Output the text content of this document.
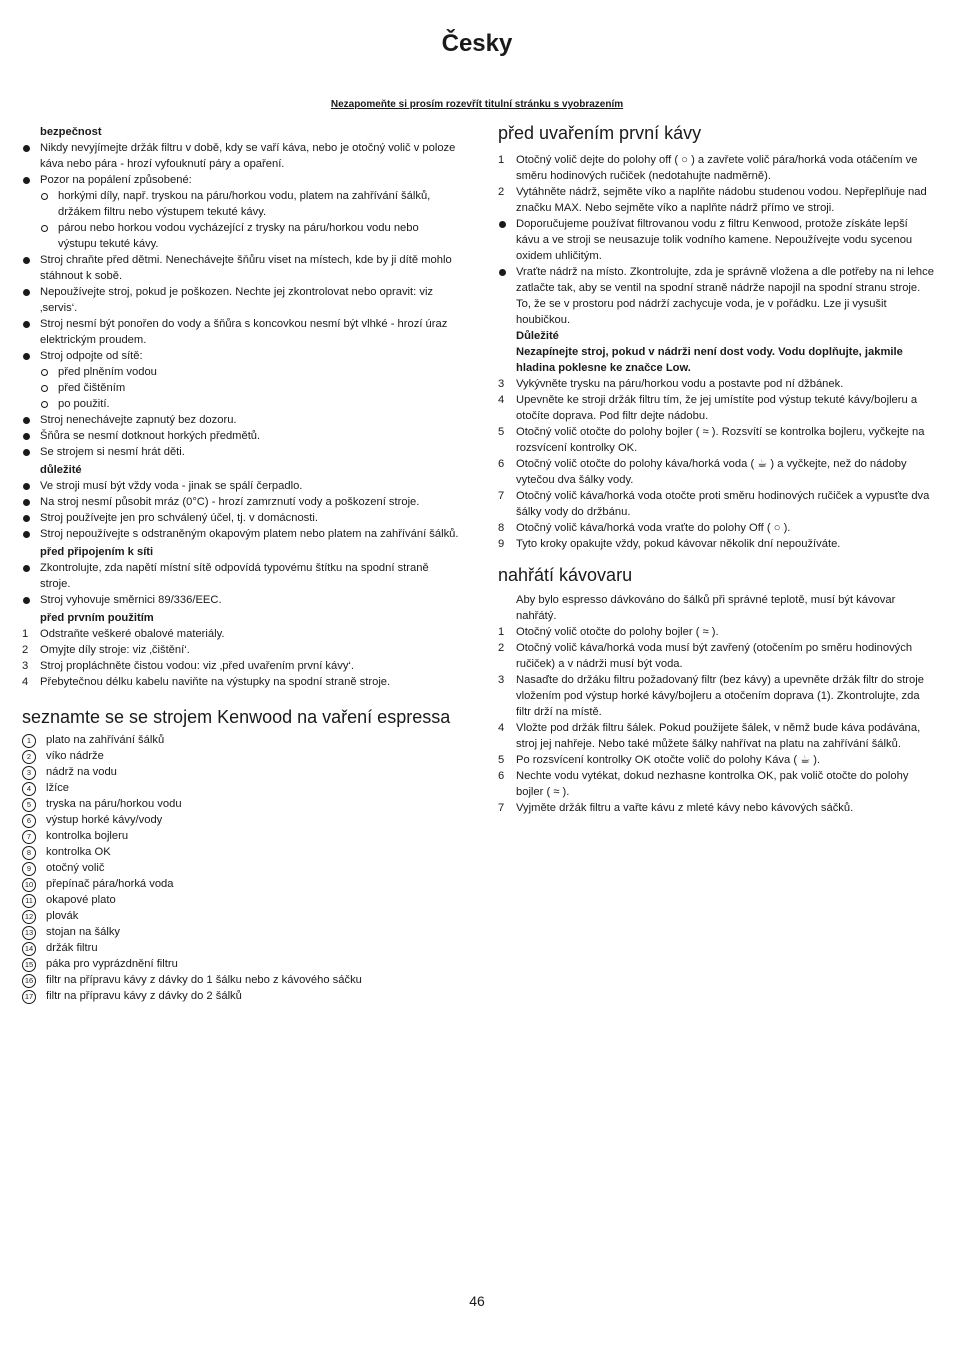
Česky

Nezapomeňte si prosím rozevřít titulní stránku s vyobrazením

bezpečnost

Nikdy nevyjímejte držák filtru v době, kdy se vaří káva, nebo je otočný volič v poloze káva nebo pára - hrozí vyfouknutí páry a opaření.
Pozor na popálení způsobené:
horkými díly, např. tryskou na páru/horkou vodu, platem na zahřívání šálků, držákem filtru nebo výstupem tekuté kávy.
párou nebo horkou vodou vycházející z trysky na páru/horkou vodu nebo výstupu tekuté kávy.
Stroj chraňte před dětmi. Nenechávejte šňůru viset na místech, kde by ji dítě mohlo stáhnout k sobě.
Nepoužívejte stroj, pokud je poškozen. Nechte jej zkontrolovat nebo opravit: viz ‚servis‘.
Stroj nesmí být ponořen do vody a šňůra s koncovkou nesmí být vlhké - hrozí úraz elektrickým proudem.
Stroj odpojte od sítě:
před plněním vodou
před čištěním
po použití.
Stroj nenechávejte zapnutý bez dozoru.
Šňůra se nesmí dotknout horkých předmětů.
Se strojem si nesmí hrát děti.

důležité

Ve stroji musí být vždy voda - jinak se spálí čerpadlo.
Na stroj nesmí působit mráz (0°C) - hrozí zamrznutí vody a poškození stroje.
Stroj používejte jen pro schválený účel, tj. v domácnosti.
Stroj nepoužívejte s odstraněným okapovým platem nebo platem na zahřívání šálků.

před připojením k síti

Zkontrolujte, zda napětí místní sítě odpovídá typovému štítku na spodní straně stroje.
Stroj vyhovuje směrnici 89/336/EEC.

před prvním použitím

1	Odstraňte veškeré obalové materiály.
2	Omyjte díly stroje: viz ‚čištění‘.
3	Stroj propláchněte čistou vodou: viz ‚před uvařením první kávy‘.
4	Přebytečnou délku kabelu naviňte na výstupky na spodní straně stroje.
seznamte se se strojem Kenwood na vaření espressa
1	plato na zahřívání šálků
2	víko nádrže
3	nádrž na vodu
4	lžíce
5	tryska na páru/horkou vodu
6	výstup horké kávy/vody
7	kontrolka bojleru
8	kontrolka OK
9	otočný volič
10	přepínač pára/horká voda
11	okapové plato
12	plovák
13	stojan na šálky
14	držák filtru
15	páka pro vyprázdnění filtru
16	filtr na přípravu kávy z dávky do 1 šálku nebo z kávového sáčku
17	filtr na přípravu kávy z dávky do 2 šálků
před uvařením první kávy
1	Otočný volič dejte do polohy off ( ○ ) a zavřete volič pára/horká voda otáčením ve směru hodinových ručiček (nedotahujte nadměrně).
2	Vytáhněte nádrž, sejměte víko a naplňte nádobu studenou vodou. Nepřeplňuje nad značku MAX. Nebo sejměte víko a naplňte nádrž přímo ve stroji.
Doporučujeme používat filtrovanou vodu z filtru Kenwood, protože získáte lepší kávu a ve stroji se neusazuje tolik vodního kamene. Nepoužívejte vodu sycenou oxidem uhličitým.
Vraťte nádrž na místo. Zkontrolujte, zda je správně vložena a dle potřeby na ni lehce zatlačte tak, aby se ventil na spodní straně nádrže napojil na spodní stranu stroje.

To, že se v prostoru pod nádrží zachycuje voda, je v pořádku. Lze ji vysušit houbičkou.

Důležité

Nezapínejte stroj, pokud v nádrži není dost vody. Vodu doplňujte, jakmile hladina poklesne ke značce Low.

3	Vykývněte trysku na páru/horkou vodu a postavte pod ní džbánek.
4	Upevněte ke stroji držák filtru tím, že jej umístíte pod výstup tekuté kávy/bojleru a otočíte doprava. Pod filtr dejte nádobu.
5	Otočný volič otočte do polohy bojler ( ≈ ). Rozsvítí se kontrolka bojleru, vyčkejte na rozsvícení kontrolky OK.
6	Otočný volič otočte do polohy káva/horká voda ( ☕ ) a vyčkejte, než do nádoby vytečou dva šálky vody.
7	Otočný volič káva/horká voda otočte proti směru hodinových ručiček a vypusťte dva šálky vody do držbánu.
8	Otočný volič káva/horká voda vraťte do polohy Off ( ○ ).
9	Tyto kroky opakujte vždy, pokud kávovar několik dní nepoužíváte.
nahřátí kávovaru

Aby bylo espresso dávkováno do šálků při správné teplotě, musí být kávovar nahřátý.

1	Otočný volič otočte do polohy bojler ( ≈ ).
2	Otočný volič káva/horká voda musí být zavřený (otočením po směru hodinových ručiček) a v nádrži musí být voda.
3	Nasaďte do držáku filtru požadovaný filtr (bez kávy) a upevněte držák filtr do stroje vložením pod výstup horké kávy/bojleru a otočením doprava (1). Zkontrolujte, zda filtr drží na místě.
4	Vložte pod držák filtru šálek. Pokud použijete šálek, v němž bude káva podávána, stroj jej nahřeje. Nebo také můžete šálky nahřívat na platu na zahřívání šálků.
5	Po rozsvícení kontrolky OK otočte volič do polohy Káva ( ☕ ).
6	Nechte vodu vytékat, dokud nezhasne kontrolka OK, pak volič otočte do polohy bojler ( ≈ ).
7	Vyjměte držák filtru a vařte kávu z mleté kávy nebo kávových sáčků.

46
